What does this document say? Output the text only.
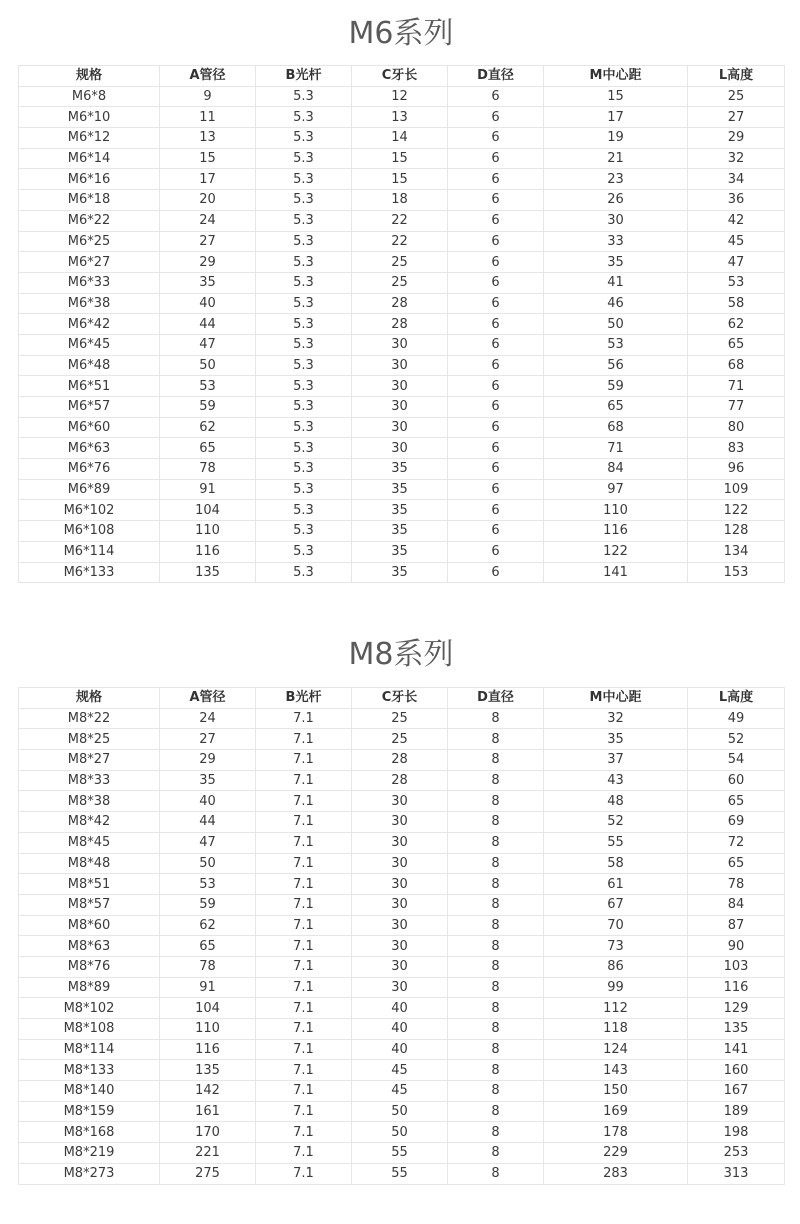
M6系列
规格	A管径	B光杆	C牙长	D直径	M中心距	L高度
M6*8	9	5.3	12	6	15	25
M6*10	11	5.3	13	6	17	27
M6*12	13	5.3	14	6	19	29
M6*14	15	5.3	15	6	21	32
M6*16	17	5.3	15	6	23	34
M6*18	20	5.3	18	6	26	36
M6*22	24	5.3	22	6	30	42
M6*25	27	5.3	22	6	33	45
M6*27	29	5.3	25	6	35	47
M6*33	35	5.3	25	6	41	53
M6*38	40	5.3	28	6	46	58
M6*42	44	5.3	28	6	50	62
M6*45	47	5.3	30	6	53	65
M6*48	50	5.3	30	6	56	68
M6*51	53	5.3	30	6	59	71
M6*57	59	5.3	30	6	65	77
M6*60	62	5.3	30	6	68	80
M6*63	65	5.3	30	6	71	83
M6*76	78	5.3	35	6	84	96
M6*89	91	5.3	35	6	97	109
M6*102	104	5.3	35	6	110	122
M6*108	110	5.3	35	6	116	128
M6*114	116	5.3	35	6	122	134
M6*133	135	5.3	35	6	141	153
M8系列
规格	A管径	B光杆	C牙长	D直径	M中心距	L高度
M8*22	24	7.1	25	8	32	49
M8*25	27	7.1	25	8	35	52
M8*27	29	7.1	28	8	37	54
M8*33	35	7.1	28	8	43	60
M8*38	40	7.1	30	8	48	65
M8*42	44	7.1	30	8	52	69
M8*45	47	7.1	30	8	55	72
M8*48	50	7.1	30	8	58	65
M8*51	53	7.1	30	8	61	78
M8*57	59	7.1	30	8	67	84
M8*60	62	7.1	30	8	70	87
M8*63	65	7.1	30	8	73	90
M8*76	78	7.1	30	8	86	103
M8*89	91	7.1	30	8	99	116
M8*102	104	7.1	40	8	112	129
M8*108	110	7.1	40	8	118	135
M8*114	116	7.1	40	8	124	141
M8*133	135	7.1	45	8	143	160
M8*140	142	7.1	45	8	150	167
M8*159	161	7.1	50	8	169	189
M8*168	170	7.1	50	8	178	198
M8*219	221	7.1	55	8	229	253
M8*273	275	7.1	55	8	283	313
